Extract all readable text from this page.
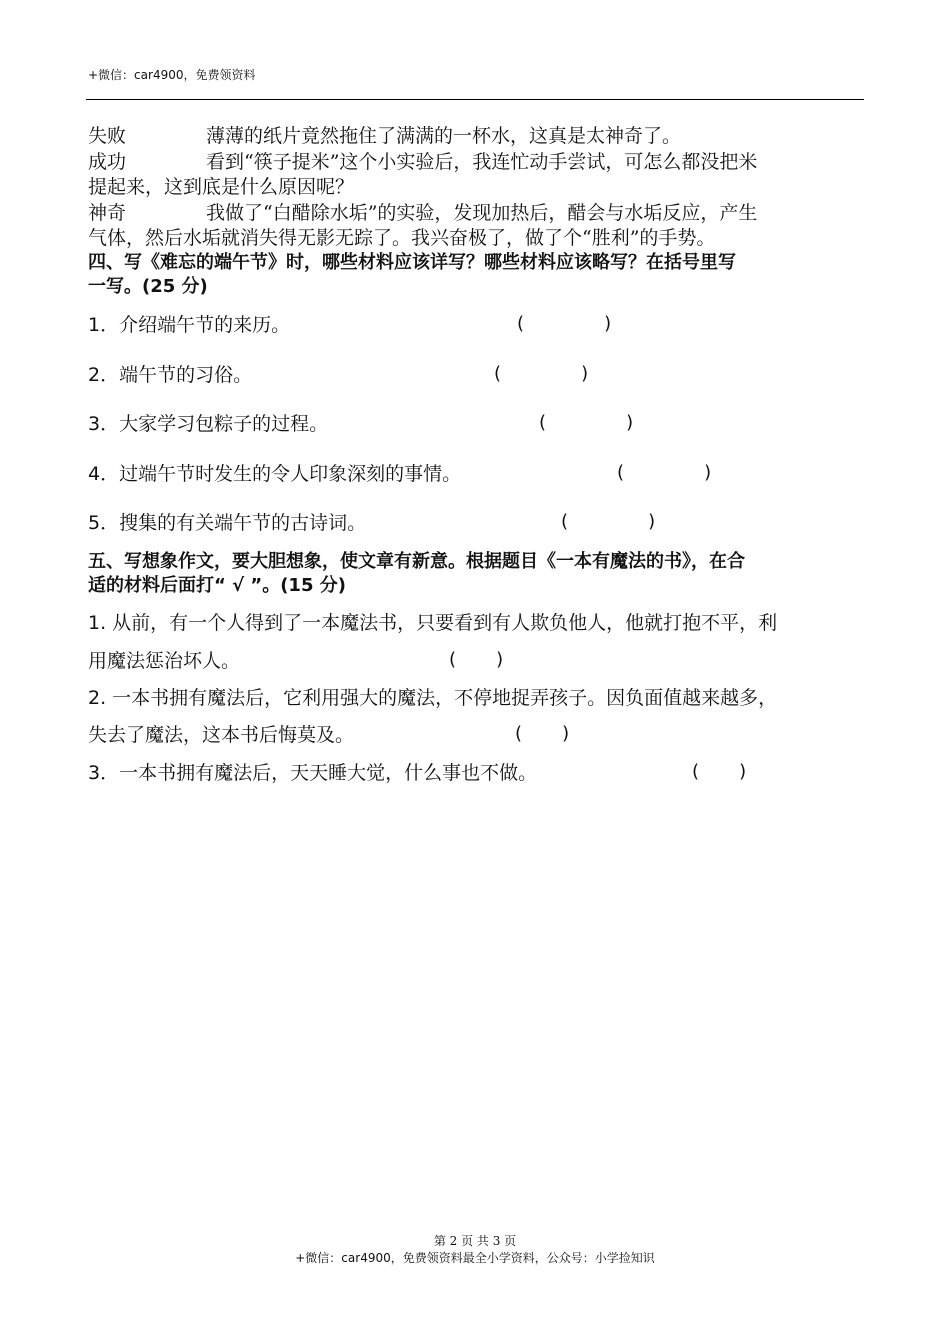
+微信：car4900，免费领资料
失败	薄薄的纸片竟然拖住了满满的一杯水，这真是太神奇了。
成功	看到“筷子提米”这个小实验后，我连忙动手尝试，可怎么都没把米
提起来，这到底是什么原因呢？
神奇	我做了“白醋除水垢”的实验，发现加热后，醋会与水垢反应，产生
气体，然后水垢就消失得无影无踪了。我兴奋极了，做了个“胜利”的手势。
四、写《难忘的端午节》时，哪些材料应该详写？哪些材料应该略写？在括号里写
一写。(25 分)
1．介绍端午节的来历。	(              )
2．端午节的习俗。	(              )
3．大家学习包粽子的过程。	(              )
4．过端午节时发生的令人印象深刻的事情。	(              )
5．搜集的有关端午节的古诗词。	(              )
五、写想象作文，要大胆想象，使文章有新意。根据题目《一本有魔法的书》，在合
适的材料后面打“ √ ”。(15 分)
1. 从前，有一个人得到了一本魔法书，只要看到有人欺负他人，他就打抱不平，利
用魔法惩治坏人。	(       )
2. 一本书拥有魔法后，它利用强大的魔法，不停地捉弄孩子。因负面值越来越多，
失去了魔法，这本书后悔莫及。	(       )
3．一本书拥有魔法后，天天睡大觉，什么事也不做。	(       )
第 2 页 共 3 页
+微信：car4900，免费领资料最全小学资料，公众号：小学捡知识
